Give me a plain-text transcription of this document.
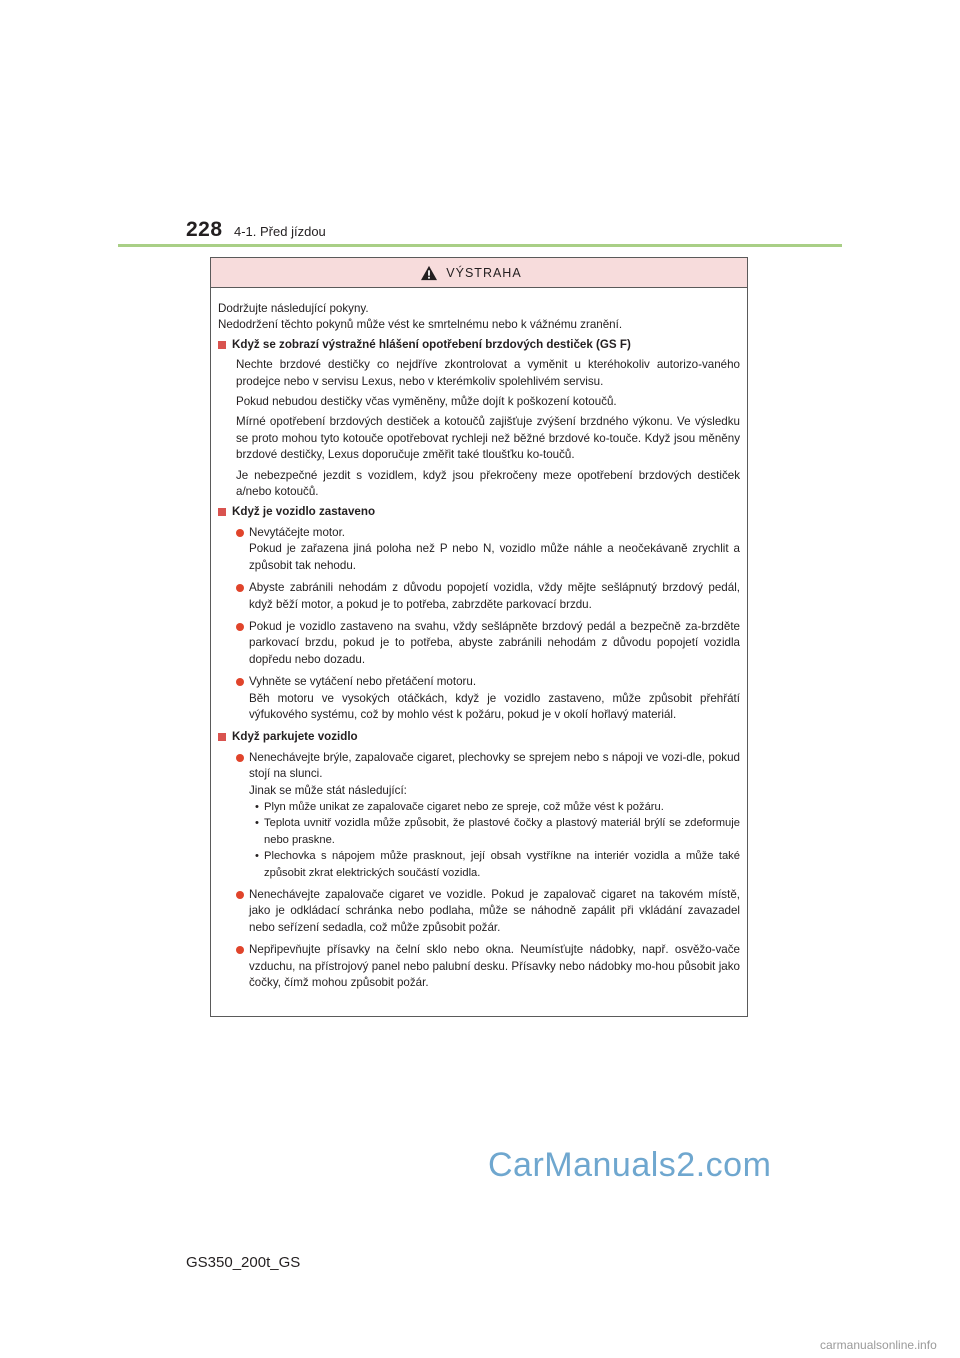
228 4-1. Před jízdou
VÝSTRAHA

Dodržujte následující pokyny.

Nedodržení těchto pokynů může vést ke smrtelnému nebo k vážnému zranění.

Když se zobrazí výstražné hlášení opotřebení brzdových destiček (GS F)

Nechte brzdové destičky co nejdříve zkontrolovat a vyměnit u kteréhokoliv autorizo-vaného prodejce nebo v servisu Lexus, nebo v kterémkoliv spolehlivém servisu.

Pokud nebudou destičky včas vyměněny, může dojít k poškození kotoučů.

Mírné opotřebení brzdových destiček a kotoučů zajišťuje zvýšení brzdného výkonu. Ve výsledku se proto mohou tyto kotouče opotřebovat rychleji než běžné brzdové ko-touče. Když jsou měněny brzdové destičky, Lexus doporučuje změřit také tloušťku ko-toučů.

Je nebezpečné jezdit s vozidlem, když jsou překročeny meze opotřebení brzdových destiček a/nebo kotoučů.

Když je vozidlo zastaveno

Nevytáčejte motor.

Pokud je zařazena jiná poloha než P nebo N, vozidlo může náhle a neočekávaně zrychlit a způsobit tak nehodu.

Abyste zabránili nehodám z důvodu popojetí vozidla, vždy mějte sešlápnutý brzdový pedál, když běží motor, a pokud je to potřeba, zabrzděte parkovací brzdu.

Pokud je vozidlo zastaveno na svahu, vždy sešlápněte brzdový pedál a bezpečně za-brzděte parkovací brzdu, pokud je to potřeba, abyste zabránili nehodám z důvodu popojetí vozidla dopředu nebo dozadu.

Vyhněte se vytáčení nebo přetáčení motoru.

Běh motoru ve vysokých otáčkách, když je vozidlo zastaveno, může způsobit přehřátí výfukového systému, což by mohlo vést k požáru, pokud je v okolí hořlavý materiál.

Když parkujete vozidlo

Nenechávejte brýle, zapalovače cigaret, plechovky se sprejem nebo s nápoji ve vozi-dle, pokud stojí na slunci.

Jinak se může stát následující:

• Plyn může unikat ze zapalovače cigaret nebo ze spreje, což může vést k požáru.
• Teplota uvnitř vozidla může způsobit, že plastové čočky a plastový materiál brýlí se zdeformuje nebo praskne.
• Plechovka s nápojem může prasknout, její obsah vystříkne na interiér vozidla a může také způsobit zkrat elektrických součástí vozidla.

Nenechávejte zapalovače cigaret ve vozidle. Pokud je zapalovač cigaret na takovém místě, jako je odkládací schránka nebo podlaha, může se náhodně zapálit při vkládání zavazadel nebo seřízení sedadla, což může způsobit požár.

Nepřipevňujte přísavky na čelní sklo nebo okna. Neumísťujte nádobky, např. osvěžo-vače vzduchu, na přístrojový panel nebo palubní desku. Přísavky nebo nádobky mo-hou působit jako čočky, čímž mohou způsobit požár.

CarManuals2.com
GS350_200t_GS
carmanualsonline.info
